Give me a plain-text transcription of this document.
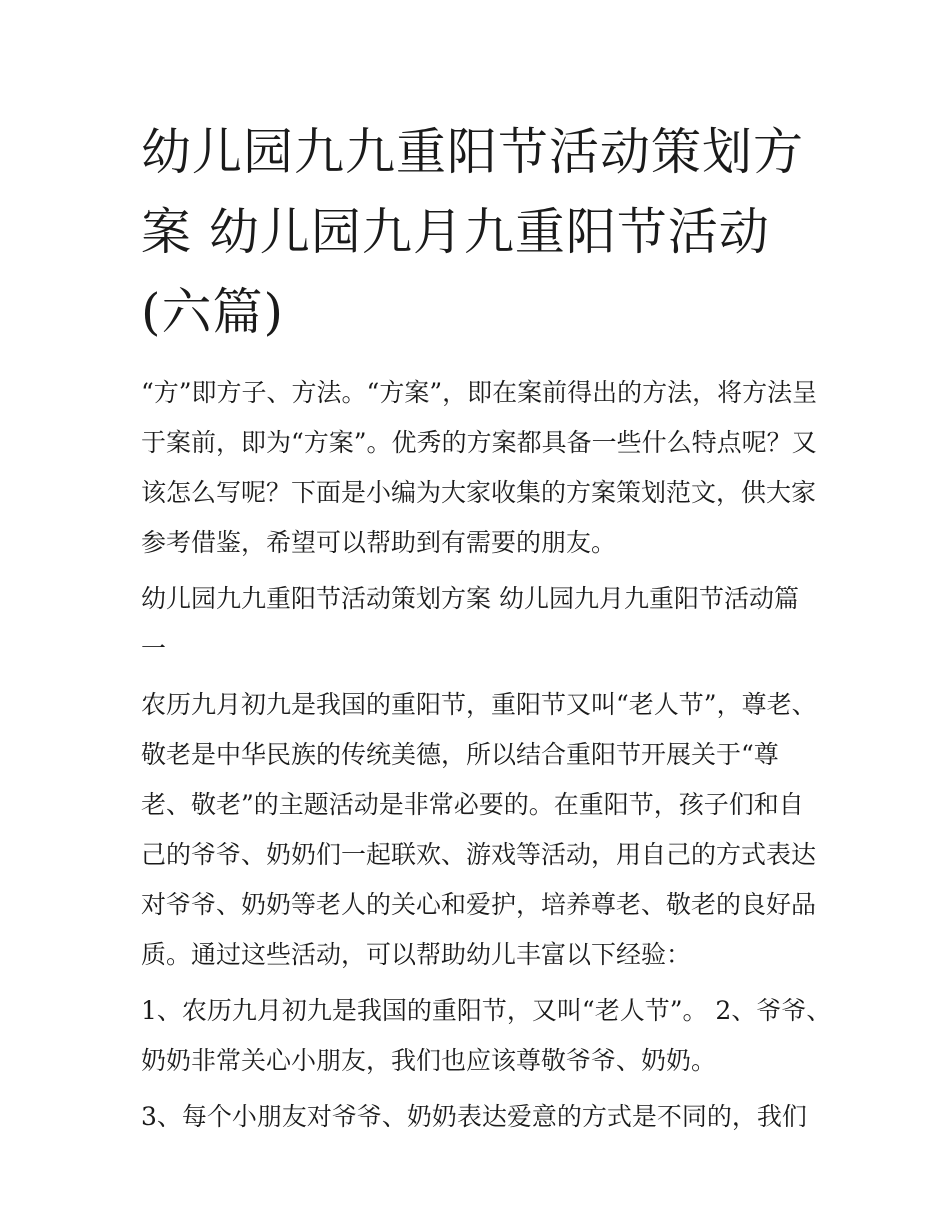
幼儿园九九重阳节活动策划方
案 幼儿园九月九重阳节活动
(六篇)

“方”即方子、方法。“方案”，即在案前得出的方法，将方法呈
于案前，即为“方案”。优秀的方案都具备一些什么特点呢？又
该怎么写呢？下面是小编为大家收集的方案策划范文，供大家
参考借鉴，希望可以帮助到有需要的朋友。

幼儿园九九重阳节活动策划方案 幼儿园九月九重阳节活动篇
一

农历九月初九是我国的重阳节，重阳节又叫“老人节”，尊老、
敬老是中华民族的传统美德，所以结合重阳节开展关于“尊
老、敬老”的主题活动是非常必要的。在重阳节，孩子们和自
己的爷爷、奶奶们一起联欢、游戏等活动，用自己的方式表达
对爷爷、奶奶等老人的关心和爱护，培养尊老、敬老的良好品
质。通过这些活动，可以帮助幼儿丰富以下经验：

1、农历九月初九是我国的重阳节，又叫“老人节”。 2、爷爷、
奶奶非常关心小朋友，我们也应该尊敬爷爷、奶奶。

3、每个小朋友对爷爷、奶奶表达爱意的方式是不同的，我们
